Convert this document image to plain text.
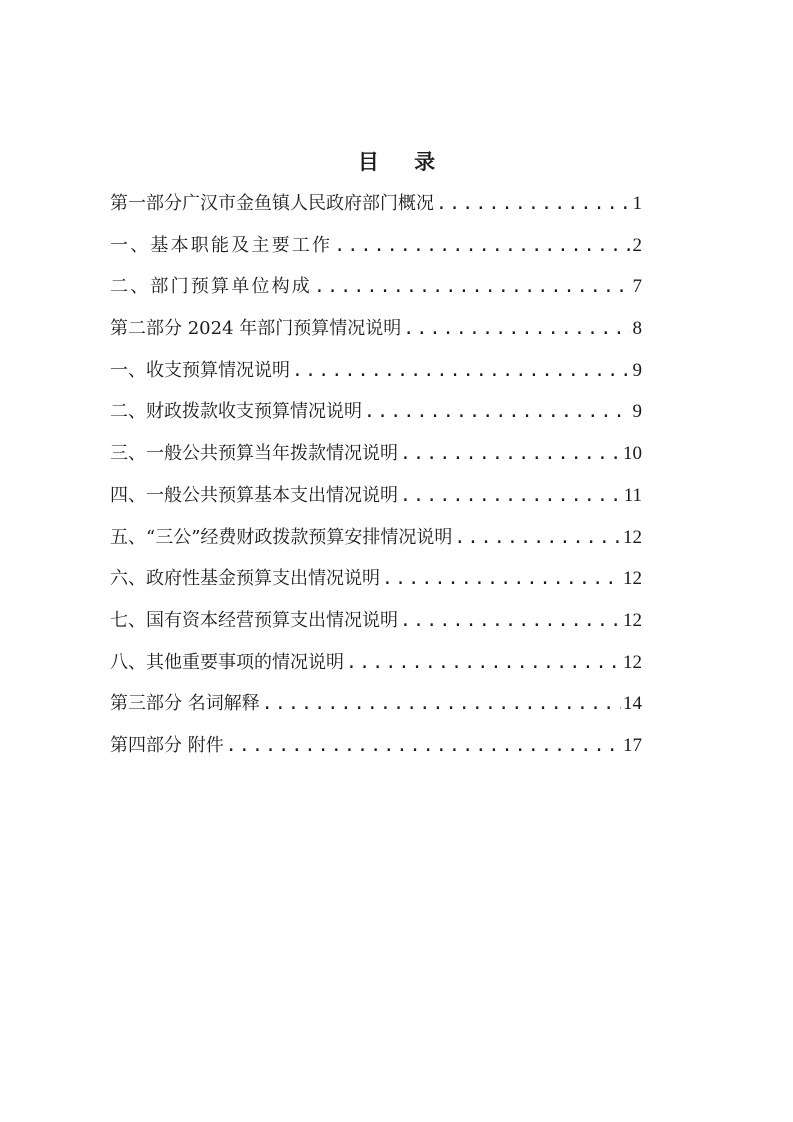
目 录
第一部分广汉市金鱼镇人民政府部门概况 .....	1
一、基本职能及主要工作 .....	2
二、部门预算单位构成 .....	7
第二部分 2024 年部门预算情况说明 .....	8
一、收支预算情况说明 .....	9
二、财政拨款收支预算情况说明 .....	9
三、一般公共预算当年拨款情况说明 .....	10
四、一般公共预算基本支出情况说明 .....	11
五、“三公”经费财政拨款预算安排情况说明 .....	12
六、政府性基金预算支出情况说明 .....	12
七、国有资本经营预算支出情况说明 .....	12
八、其他重要事项的情况说明 .....	12
第三部分 名词解释 .....	14
第四部分 附件 .....	17
